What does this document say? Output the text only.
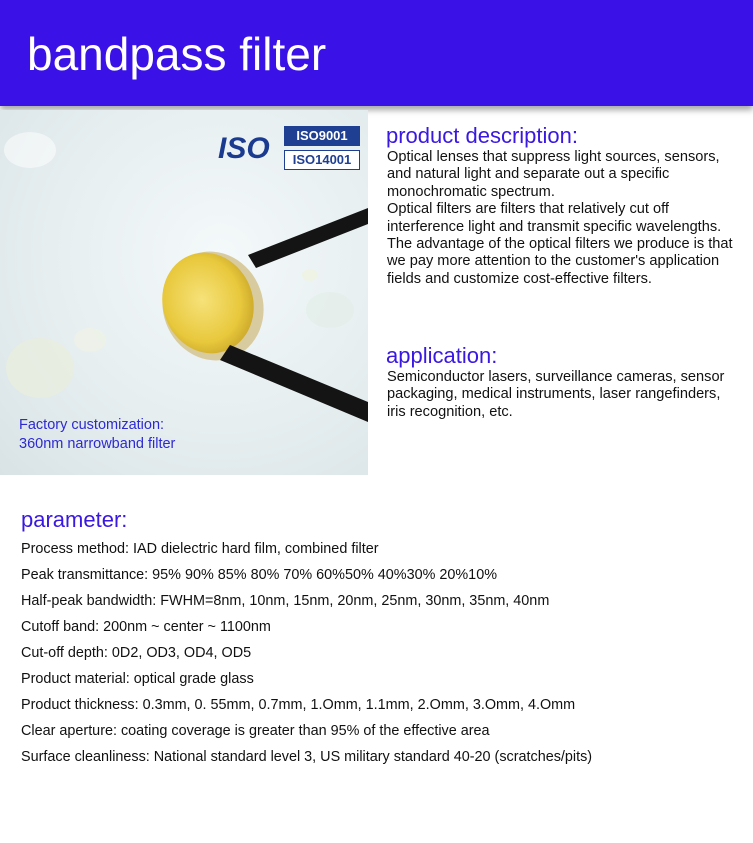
bandpass filter
ISO	ISO9001
ISO14001
Factory customization:
360nm narrowband filter
product description:
Optical lenses that suppress light sources, sensors, and natural light and separate out a specific monochromatic spectrum.
Optical filters are filters that relatively cut off interference light and transmit specific wavelengths. The advantage of the optical filters we produce is that we pay more attention to the customer's application fields and customize cost-effective filters.
application:
Semiconductor lasers, surveillance cameras, sensor packaging, medical instruments, laser rangefinders, iris recognition, etc.
parameter:
Process method: IAD dielectric hard film, combined filter
Peak transmittance: 95% 90% 85% 80% 70% 60%50% 40%30% 20%10%
Half-peak bandwidth: FWHM=8nm, 10nm, 15nm, 20nm, 25nm, 30nm, 35nm, 40nm
Cutoff band: 200nm ~ center ~ 1100nm
Cut-off depth: 0D2, OD3, OD4, OD5
Product material: optical grade glass
Product thickness: 0.3mm, 0. 55mm, 0.7mm, 1.Omm, 1.1mm, 2.Omm, 3.Omm, 4.Omm
Clear aperture: coating coverage is greater than 95% of the effective area
Surface cleanliness: National standard level 3, US military standard 40-20 (scratches/pits)
